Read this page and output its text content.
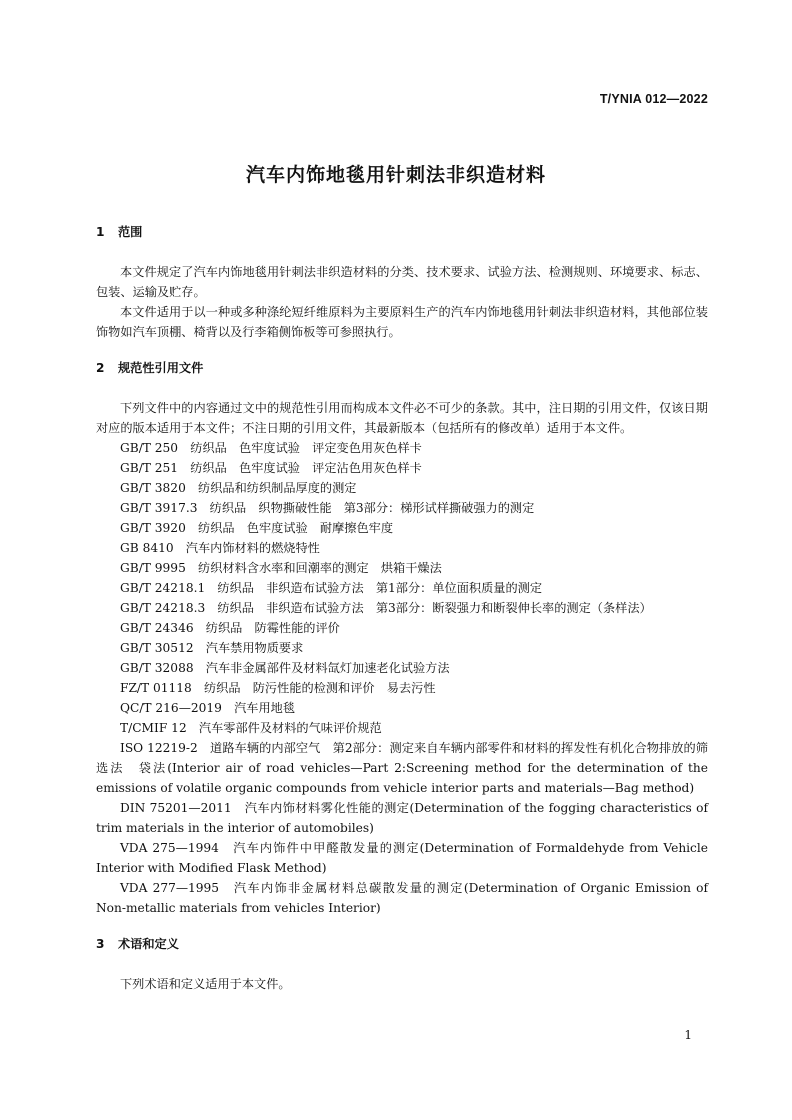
T/YNIA 012—2022
汽车内饰地毯用针刺法非织造材料
1 范围

本文件规定了汽车内饰地毯用针刺法非织造材料的分类、技术要求、试验方法、检测规则、环境要求、标志、包装、运输及贮存。

本文件适用于以一种或多种涤纶短纤维原料为主要原料生产的汽车内饰地毯用针刺法非织造材料，其他部位装饰物如汽车顶棚、椅背以及行李箱侧饰板等可参照执行。

2 规范性引用文件

下列文件中的内容通过文中的规范性引用而构成本文件必不可少的条款。其中，注日期的引用文件，仅该日期对应的版本适用于本文件；不注日期的引用文件，其最新版本（包括所有的修改单）适用于本文件。

GB/T 250　纺织品　色牢度试验　评定变色用灰色样卡

GB/T 251　纺织品　色牢度试验　评定沾色用灰色样卡

GB/T 3820　纺织品和纺织制品厚度的测定

GB/T 3917.3　纺织品　织物撕破性能　第3部分：梯形试样撕破强力的测定

GB/T 3920　纺织品　色牢度试验　耐摩擦色牢度

GB 8410　汽车内饰材料的燃烧特性

GB/T 9995　纺织材料含水率和回潮率的测定　烘箱干燥法

GB/T 24218.1　纺织品　非织造布试验方法　第1部分：单位面积质量的测定

GB/T 24218.3　纺织品　非织造布试验方法　第3部分：断裂强力和断裂伸长率的测定（条样法）

GB/T 24346　纺织品　防霉性能的评价

GB/T 30512　汽车禁用物质要求

GB/T 32088　汽车非金属部件及材料氙灯加速老化试验方法

FZ/T 01118　纺织品　防污性能的检测和评价　易去污性

QC/T 216—2019　汽车用地毯

T/CMIF 12　汽车零部件及材料的气味评价规范

ISO 12219-2　道路车辆的内部空气　第2部分：测定来自车辆内部零件和材料的挥发性有机化合物排放的筛选法　袋法(Interior air of road vehicles—Part 2:Screening method for the determination of the emissions of volatile organic compounds from vehicle interior parts and materials—Bag method)

DIN 75201—2011　汽车内饰材料雾化性能的测定(Determination of the fogging characteristics of trim materials in the interior of automobiles)

VDA 275—1994　汽车内饰件中甲醛散发量的测定(Determination of Formaldehyde from Vehicle Interior with Modified Flask Method)

VDA 277—1995　汽车内饰非金属材料总碳散发量的测定(Determination of Organic Emission of Non-metallic materials from vehicles Interior)

3 术语和定义

下列术语和定义适用于本文件。

1
